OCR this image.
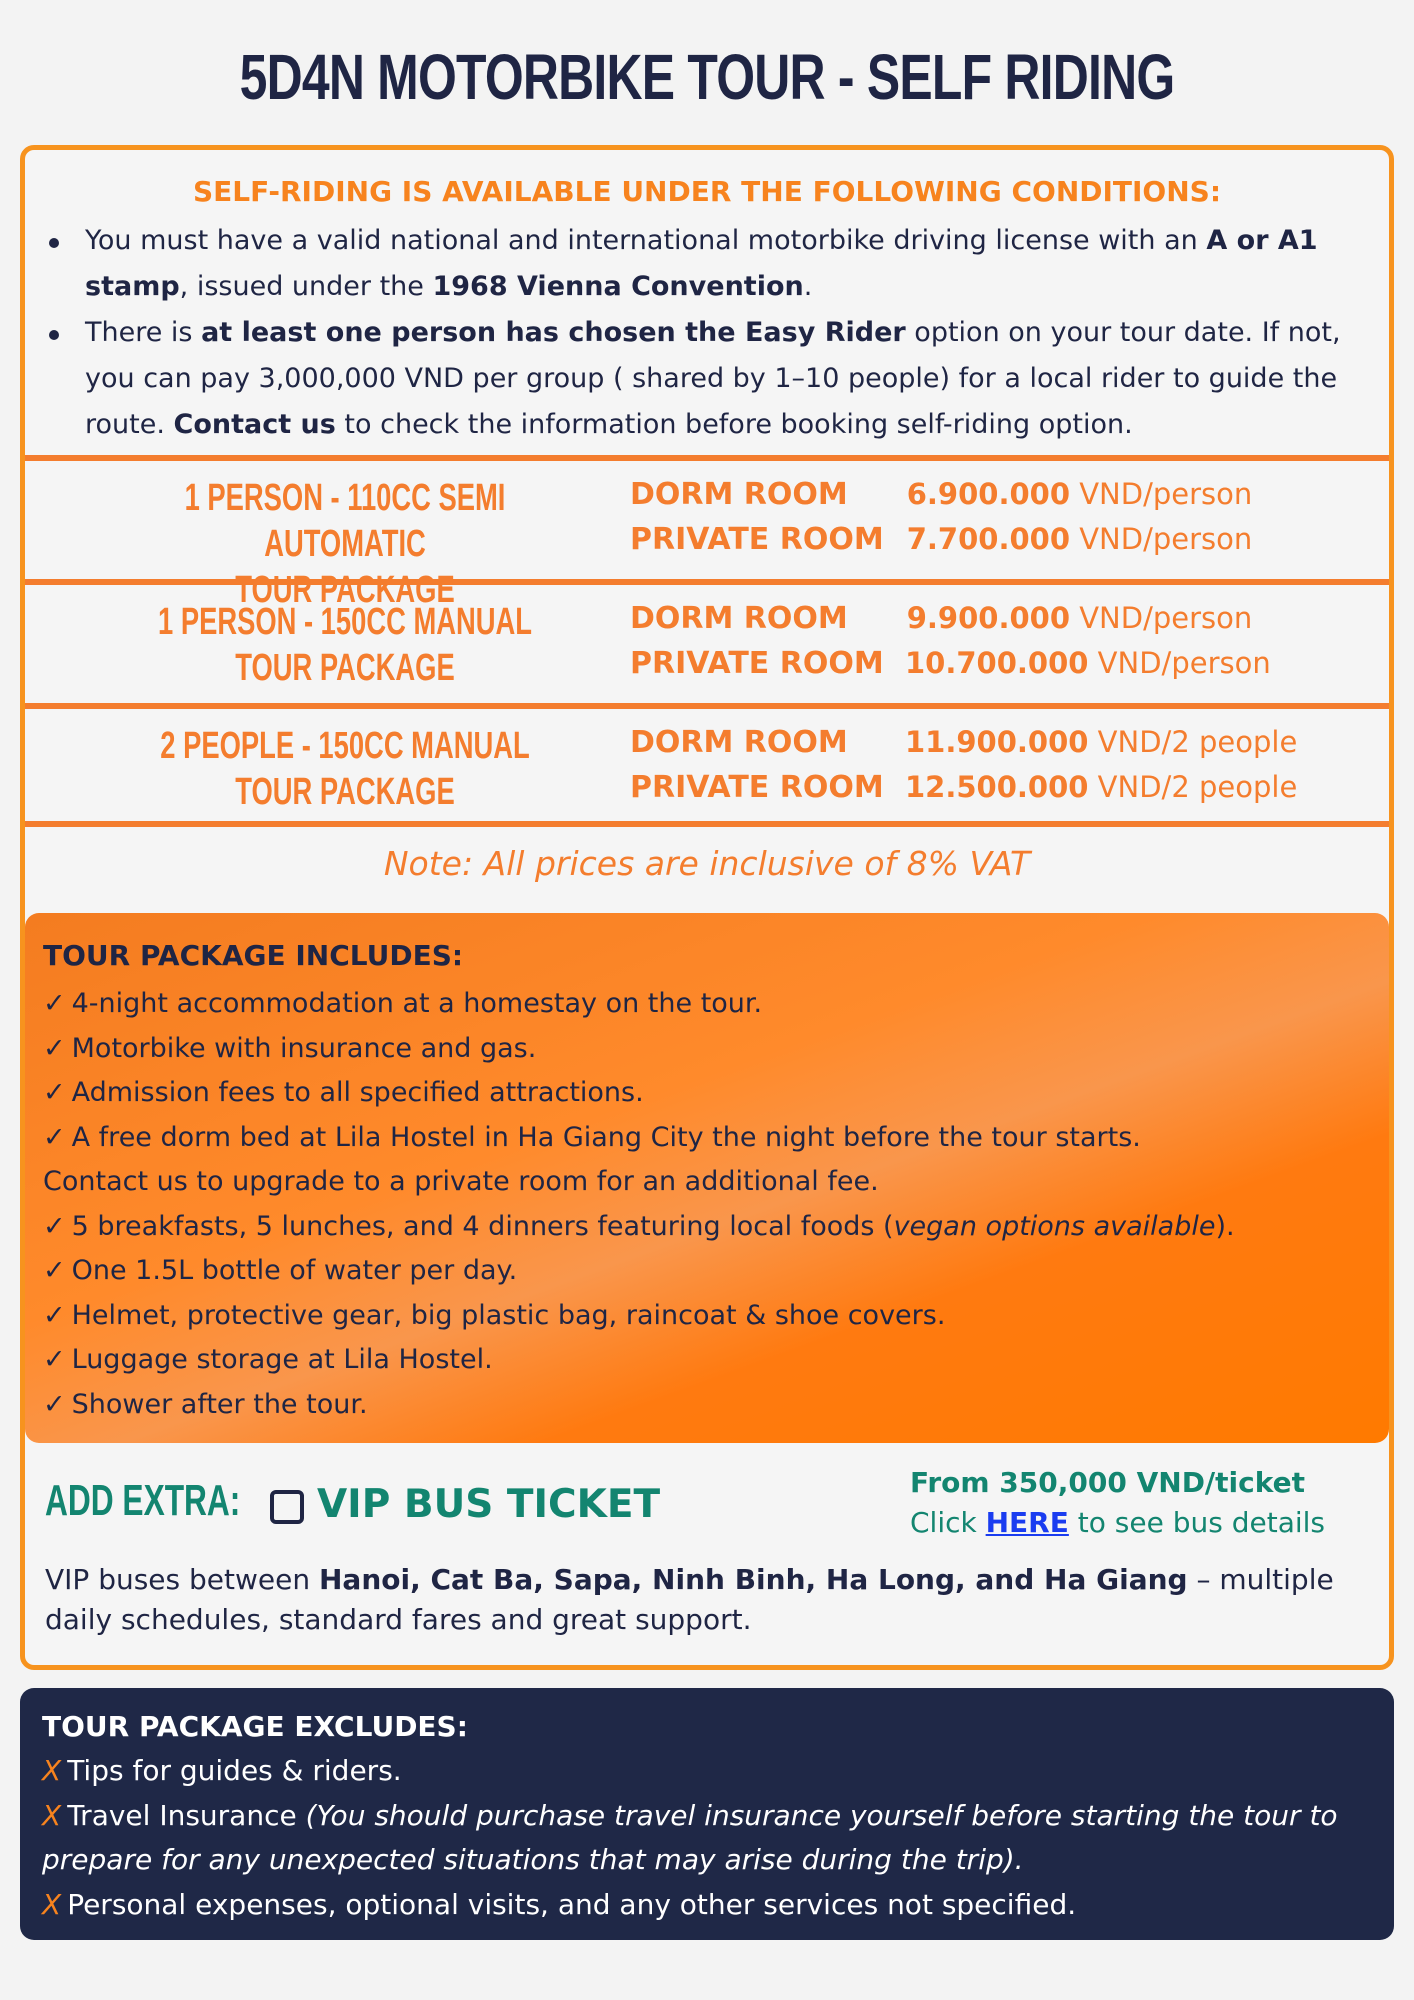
5D4N MOTORBIKE TOUR - SELF RIDING
SELF-RIDING IS AVAILABLE UNDER THE FOLLOWING CONDITIONS:
You must have a valid national and international motorbike driving license with an A or A1 stamp, issued under the 1968 Vienna Convention.
There is at least one person has chosen the Easy Rider option on your tour date. If not, you can pay 3,000,000 VND per group ( shared by 1–10 people) for a local rider to guide the route. Contact us to check the information before booking self-riding option.
1 PERSON - 110CC SEMI AUTOMATIC
TOUR PACKAGE
DORM ROOM	6.900.000 VND/person
PRIVATE ROOM 7.700.000 VND/person
1 PERSON - 150CC MANUAL
TOUR PACKAGE
DORM ROOM	9.900.000 VND/person
PRIVATE ROOM 10.700.000 VND/person
2 PEOPLE - 150CC MANUAL
TOUR PACKAGE
DORM ROOM	11.900.000 VND/2 people
PRIVATE ROOM 12.500.000 VND/2 people
Note: All prices are inclusive of 8% VAT
TOUR PACKAGE INCLUDES:
✓ 4-night accommodation at a homestay on the tour.
✓ Motorbike with insurance and gas.
✓ Admission fees to all specified attractions.
✓ A free dorm bed at Lila Hostel in Ha Giang City the night before the tour starts.
Contact us to upgrade to a private room for an additional fee.
✓ 5 breakfasts, 5 lunches, and 4 dinners featuring local foods (vegan options available).
✓ One 1.5L bottle of water per day.
✓ Helmet, protective gear, big plastic bag, raincoat & shoe covers.
✓ Luggage storage at Lila Hostel.
✓ Shower after the tour.
ADD EXTRA: VIP BUS TICKET	From 350,000 VND/ticket
Click HERE to see bus details
VIP buses between Hanoi, Cat Ba, Sapa, Ninh Binh, Ha Long, and Ha Giang – multiple daily schedules, standard fares and great support.
TOUR PACKAGE EXCLUDES:
X Tips for guides & riders.
X Travel Insurance (You should purchase travel insurance yourself before starting the tour to prepare for any unexpected situations that may arise during the trip).
X Personal expenses, optional visits, and any other services not specified.
